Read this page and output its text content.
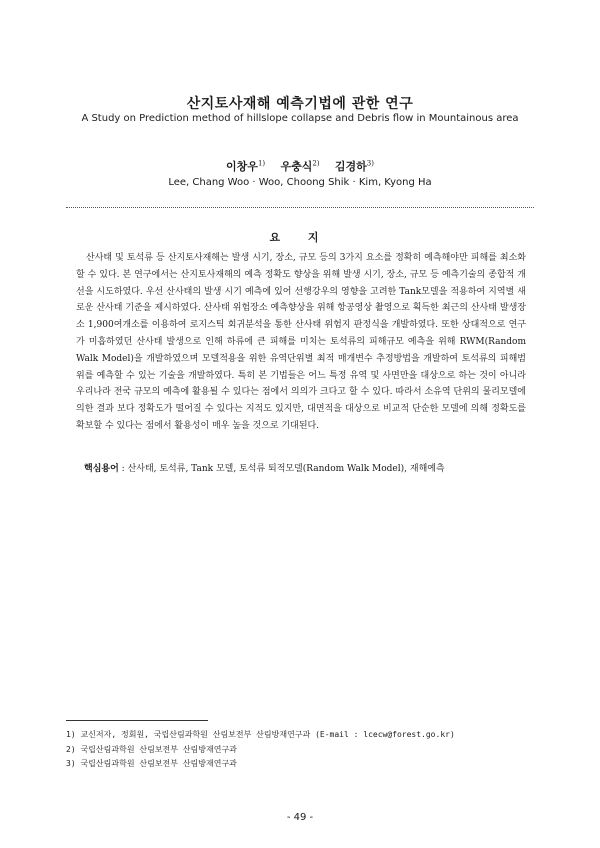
산지토사재해 예측기법에 관한 연구
A Study on Prediction method of hillslope collapse and Debris flow in Mountainous area
이창우$^{1)}$ 우충식$^{2)}$ 김경하$^{3)}$
Lee, Chang Woo · Woo, Choong Shik · Kim, Kyong Ha
요 지

산사태 및 토석류 등 산지토사재해는 발생 시기, 장소, 규모 등의 3가지 요소를 정확히 예측해야만 피해를 최소화 할 수 있다. 본 연구에서는 산지토사재해의 예측 정확도 향상을 위해 발생 시기, 장소, 규모 등 예측기술의 종합적 개선을 시도하였다. 우선 산사태의 발생 시기 예측에 있어 선행강우의 영향을 고려한 Tank모델을 적용하여 지역별 새로운 산사태 기준을 제시하였다. 산사태 위험장소 예측향상을 위해 항공영상 촬영으로 획득한 최근의 산사태 발생장소 1,900여개소를 이용하여 로지스틱 회귀분석을 통한 산사태 위험지 판정식을 개발하였다. 또한 상대적으로 연구가 미흡하였던 산사태 발생으로 인해 하류에 큰 피해를 미치는 토석류의 피해규모 예측을 위해 RWM(Random Walk Model)을 개발하였으며 모델적용을 위한 유역단위별 최적 매개변수 추정방법을 개발하여 토석류의 피해범위를 예측할 수 있는 기술을 개발하였다. 특히 본 기법들은 어느 특정 유역 및 사면만을 대상으로 하는 것이 아니라 우리나라 전국 규모의 예측에 활용될 수 있다는 점에서 의의가 크다고 할 수 있다. 따라서 소유역 단위의 물리모델에 의한 결과 보다 정확도가 떨어질 수 있다는 지적도 있지만, 대면적을 대상으로 비교적 단순한 모델에 의해 정확도를 확보할 수 있다는 점에서 활용성이 매우 높을 것으로 기대된다.

핵심용어 : 산사태, 토석류, Tank 모델, 토석류 퇴적모델(Random Walk Model), 재해예측
1) 교신저자, 정회원, 국립산림과학원 산림보전부 산림방재연구과 (E-mail : lcecw@forest.go.kr)
2) 국립산림과학원 산림보전부 산림방재연구과
3) 국립산림과학원 산림보전부 산림방재연구과
- 49 -
